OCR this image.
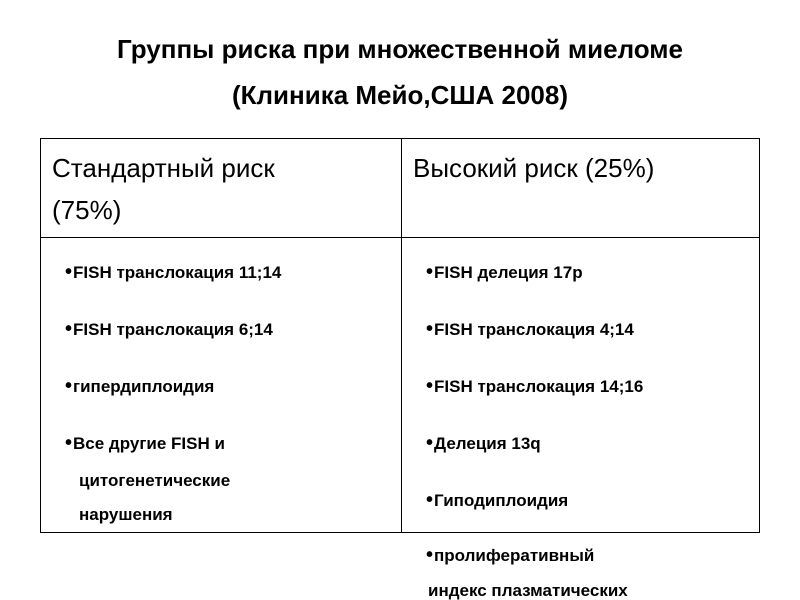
Группы риска при множественной миеломе
(Клиника Мейо,США 2008)
•пролиферативный
индекс плазматических
Стандартный риск
(75%)
Высокий риск (25%)
•FISH транслокация 11;14
•FISH транслокация 6;14
•гипердиплоидия
•Все другие FISH и
цитогенетические
нарушения
•FISH делеция 17p
•FISH транслокация 4;14
•FISH транслокация 14;16
•Делеция 13q
•Гиподиплоидия
